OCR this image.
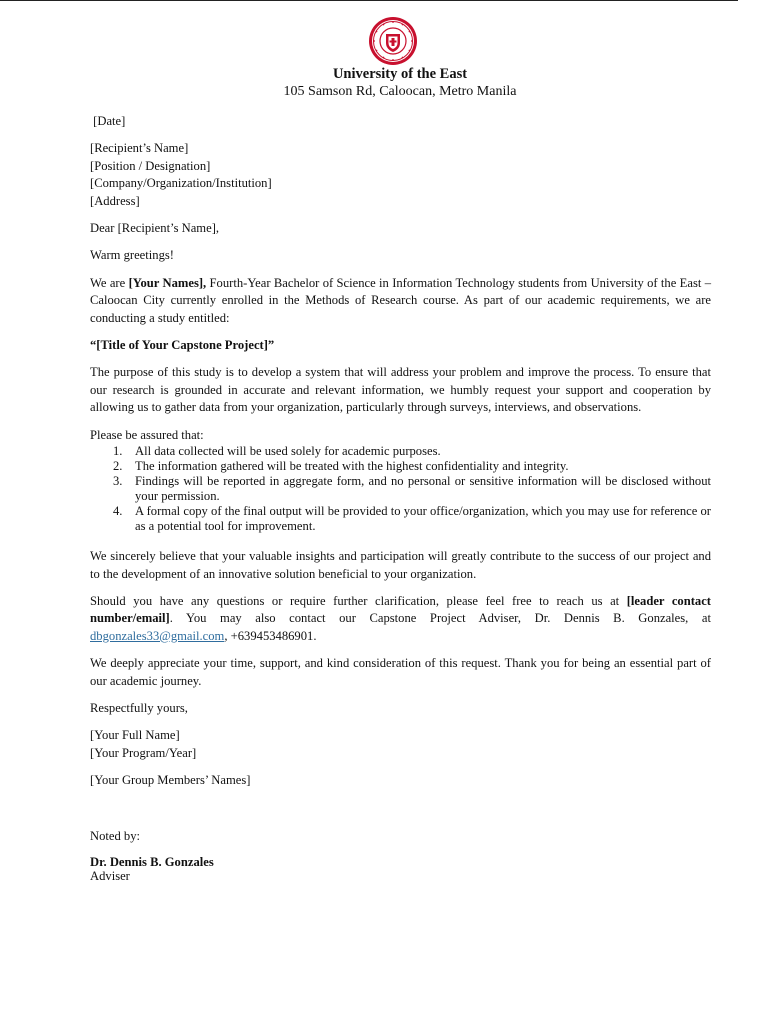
University of the East
105 Samson Rd, Caloocan, Metro Manila

[Date]

[Recipient’s Name]

[Position / Designation]

[Company/Organization/Institution]

[Address]

Dear [Recipient’s Name],

Warm greetings!

We are [Your Names], Fourth-Year Bachelor of Science in Information Technology students from University of the East – Caloocan City currently enrolled in the Methods of Research course. As part of our academic requirements, we are conducting a study entitled:

“[Title of Your Capstone Project]”

The purpose of this study is to develop a system that will address your problem and improve the process. To ensure that our research is grounded in accurate and relevant information, we humbly request your support and cooperation by allowing us to gather data from your organization, particularly through surveys, interviews, and observations.

Please be assured that:

1. All data collected will be used solely for academic purposes.
2. The information gathered will be treated with the highest confidentiality and integrity.
3. Findings will be reported in aggregate form, and no personal or sensitive information will be disclosed without your permission.
4. A formal copy of the final output will be provided to your office/organization, which you may use for reference or as a potential tool for improvement.

We sincerely believe that your valuable insights and participation will greatly contribute to the success of our project and to the development of an innovative solution beneficial to your organization.

Should you have any questions or require further clarification, please feel free to reach us at [leader contact number/email]. You may also contact our Capstone Project Adviser, Dr. Dennis B. Gonzales, at dbgonzales33@gmail.com, +639453486901.

We deeply appreciate your time, support, and kind consideration of this request. Thank you for being an essential part of our academic journey.

Respectfully yours,

[Your Full Name]

[Your Program/Year]

[Your Group Members’ Names]

Noted by:

Dr. Dennis B. Gonzales

Adviser
